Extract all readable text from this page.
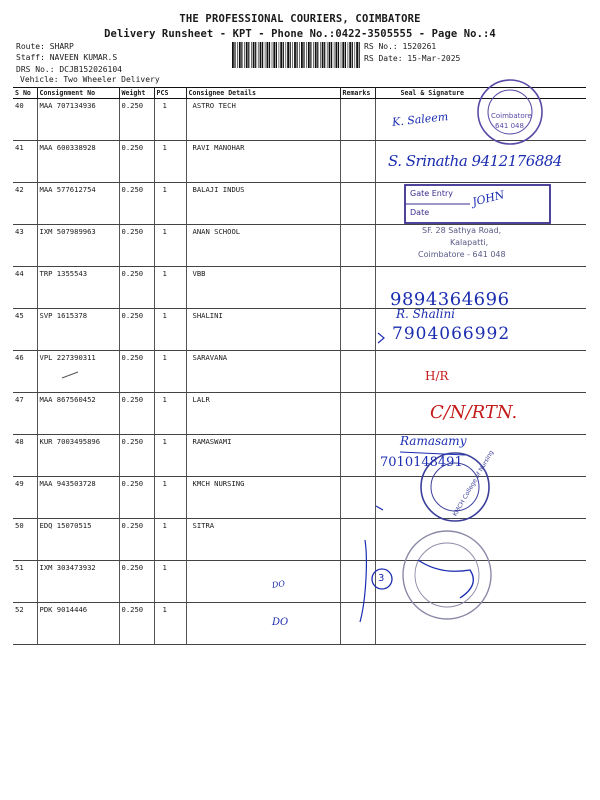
THE PROFESSIONAL COURIERS, COIMBATORE
Delivery Runsheet - KPT - Phone No.:0422-3505555 - Page No.:4
Route: SHARP
Staff: NAVEEN KUMAR.S
DRS No.: DCJB152026104
Vehicle: Two Wheeler Delivery
RS No.: 1520261
RS Date: 15-Mar-2025
S No	Consignment No	Weight	PCS	Consignee Details	Remarks	Seal & Signature
40	MAA 707134936	0.250	1	ASTRO TECH		
41	MAA 600338928	0.250	1	RAVI MANOHAR		
42	MAA 577612754	0.250	1	BALAJI INDUS		
43	IXM 507989963	0.250	1	ANAN SCHOOL		
44	TRP 1355543	0.250	1	VBB		
45	SVP 1615378	0.250	1	SHALINI		
46	VPL 227390311	0.250	1	SARAVANA		
47	MAA 867560452	0.250	1	LALR		
48	KUR 7003495896	0.250	1	RAMASWAMI		
49	MAA 943503728	0.250	1	KMCH NURSING		
50	EDQ 15070515	0.250	1	SITRA		
51	IXM 303473932	0.250	1			
52	PDK 9014446	0.250	1			
Coimbatore
641 048
Gate Entry
Date
SF. 28 Sathya Road,
Kalapatti,
Coimbatore - 641 048
KMCH College of Nursing
3
K. Saleem
S. Srinatha 9412176884
JOHN
9894364696
R. Shalini
7904066992
H/R
C/N/RTN.
Ramasamy
7010148491
DO
DO
